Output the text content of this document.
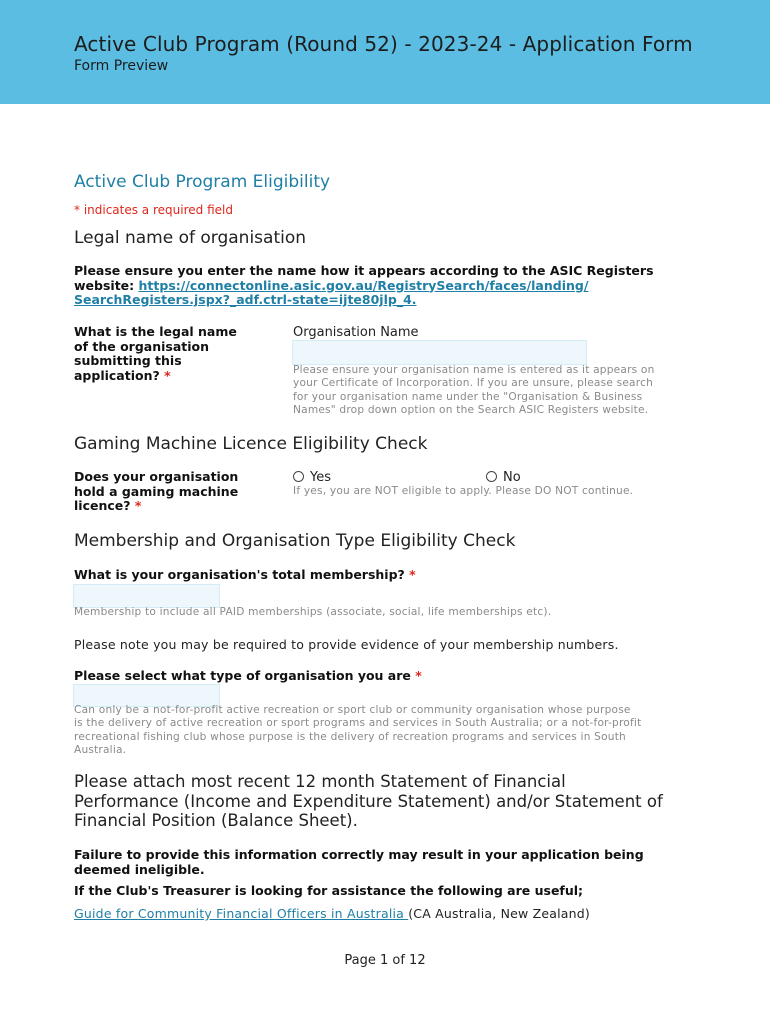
Active Club Program (Round 52) - 2023-24 - Application Form
Form Preview
Active Club Program Eligibility
* indicates a required field
Legal name of organisation
Please ensure you enter the name how it appears according to the ASIC Registers website: https://connectonline.asic.gov.au/RegistrySearch/faces/landing/
SearchRegisters.jspx?_adf.ctrl-state=ijte80jlp_4.
What is the legal name
of the organisation
submitting this
application? *
Organisation Name
Please ensure your organisation name is entered as it appears on
your Certificate of Incorporation. If you are unsure, please search
for your organisation name under the "Organisation & Business
Names" drop down option on the Search ASIC Registers website.
Gaming Machine Licence Eligibility Check
Does your organisation
hold a gaming machine
licence? *
Yes	No
If yes, you are NOT eligible to apply. Please DO NOT continue.
Membership and Organisation Type Eligibility Check
What is your organisation's total membership? *
Membership to include all PAID memberships (associate, social, life memberships etc).
Please note you may be required to provide evidence of your membership numbers.
Please select what type of organisation you are *
Can only be a not-for-profit active recreation or sport club or community organisation whose purpose
is the delivery of active recreation or sport programs and services in South Australia; or a not-for-profit
recreational fishing club whose purpose is the delivery of recreation programs and services in South
Australia.
Please attach most recent 12 month Statement of Financial
Performance (Income and Expenditure Statement) and/or Statement of
Financial Position (Balance Sheet).
Failure to provide this information correctly may result in your application being
deemed ineligible.
If the Club's Treasurer is looking for assistance the following are useful;
Guide for Community Financial Officers in Australia (CA Australia, New Zealand)
Page 1 of 12
